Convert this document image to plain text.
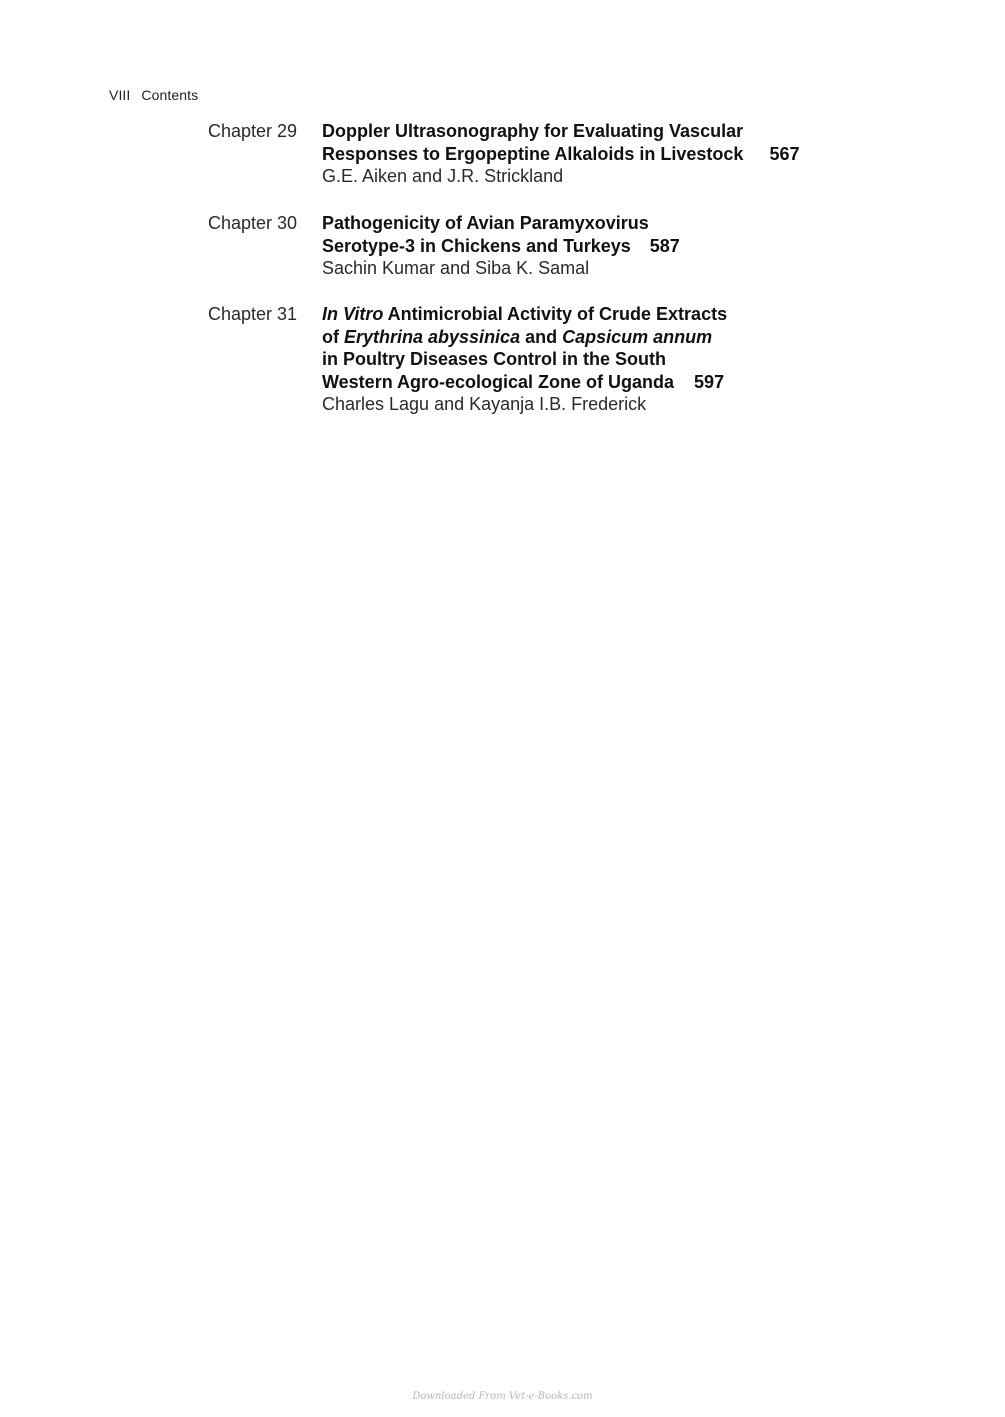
VIII Contents
Chapter 29 Doppler Ultrasonography for Evaluating Vascular
Responses to Ergopeptine Alkaloids in Livestock 567
G.E. Aiken and J.R. Strickland
Chapter 30 Pathogenicity of Avian Paramyxovirus
Serotype-3 in Chickens and Turkeys 587
Sachin Kumar and Siba K. Samal
Chapter 31 In Vitro Antimicrobial Activity of Crude Extracts
of Erythrina abyssinica and Capsicum annum
in Poultry Diseases Control in the South
Western Agro-ecological Zone of Uganda 597
Charles Lagu and Kayanja I.B. Frederick
Downloaded From Vet-e-Books.com
